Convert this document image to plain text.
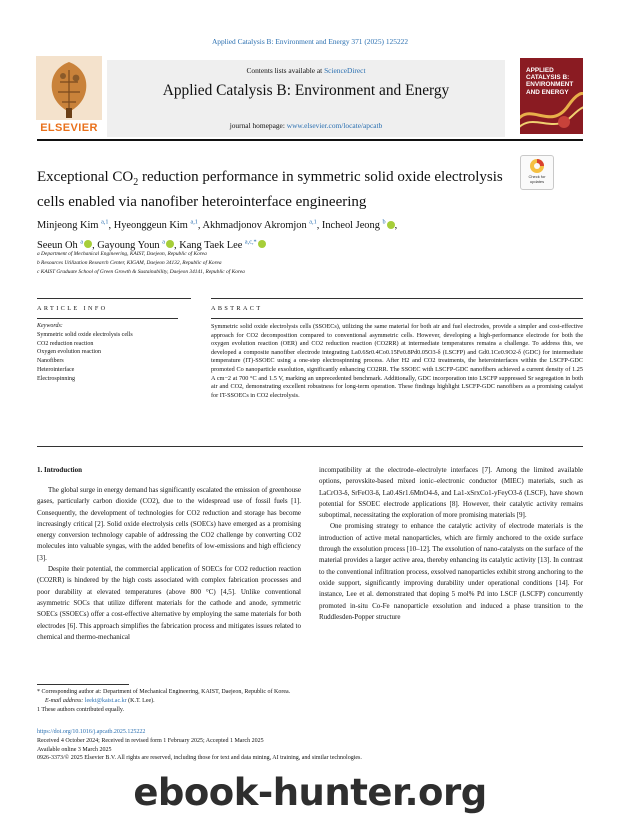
Applied Catalysis B: Environment and Energy 371 (2025) 125222
ELSEVIER
Contents lists available at ScienceDirect
Applied Catalysis B: Environment and Energy
journal homepage: www.elsevier.com/locate/apcatb
APPLIED CATALYSIS B: ENVIRONMENT AND ENERGY
Check for updates
Exceptional $CO_2$ reduction performance in symmetric solid oxide electrolysis cells enabled via nanofiber heterointerface engineering
Minjeong Kim $^{a,1}$, Hyeonggeun Kim $^{a,1}$, Akhmadjonov Akromjon $^{a,1}$, Incheol Jeong $^b$ ,
Seeun Oh $^a$ , Gayoung Youn $^a$ , Kang Taek Lee $^{a,c,*}$
a Department of Mechanical Engineering, KAIST, Daejeon, Republic of Korea
b Resources Utilization Research Center, KIGAM, Daejeon 34132, Republic of Korea
c KAIST Graduate School of Green Growth & Sustainability, Daejeon 34141, Republic of Korea
ARTICLE INFO	ABSTRACT
Keywords:
Symmetric solid oxide electrolysis cells
CO2 reduction reaction
Oxygen evolution reaction
Nanofibers
Heterointerface
Electrospinning
Symmetric solid oxide electrolysis cells (SSOECs), utilizing the same material for both air and fuel electrodes, provide a simpler and cost-effective approach for CO2 decomposition compared to conventional asymmetric cells. However, developing a high-performance electrode for both the oxygen evolution reaction (OER) and CO2 reduction reaction (CO2RR) at intermediate temperatures remains a challenge. To address this, we developed a composite nanofiber electrode integrating La0.6Sr0.4Co0.15Fe0.8Pd0.05O3-δ (LSCFP) and Gd0.1Ce0.9O2-δ (GDC) for intermediate temperature (IT)-SSOEC using a one-step electrospinning process. After H2 and CO2 treatments, the heterointerfaces within the LSCFP-GDC promoted Co nanoparticle exsolution, significantly enhancing CO2RR. The SSOEC with LSCFP-GDC nanofibers achieved a current density of 1.25 A cm−2 at 700 °C and 1.5 V, marking an unprecedented benchmark. Additionally, GDC incorporation into LSCFP suppressed Sr segregation in both air and CO2, demonstrating excellent robustness for long-term operation. These findings highlight LSCFP-GDC nanofibers as a promising catalyst for IT-SSOECs in CO2 electrolysis.
1. Introduction

The global surge in energy demand has significantly escalated the emission of greenhouse gases, particularly carbon dioxide (CO2), due to the widespread use of fossil fuels [1]. Consequently, the development of technologies for CO2 reduction and storage has become increasingly critical [2]. Solid oxide electrolysis cells (SOECs) have emerged as a promising energy conversion technology capable of addressing the CO2 challenge by converting CO2 molecules into valuable syngas, with the added benefits of low-emissions and high efficiency [3].

Despite their potential, the commercial application of SOECs for CO2 reduction reaction (CO2RR) is hindered by the high costs associated with complex fabrication processes and poor durability at elevated temperatures (above 800 °C) [4,5]. Unlike conventional asymmetric SOCs that utilize different materials for the cathode and anode, symmetric SOECs (SSOECs) offer a cost-effective alternative by employing the same materials for both electrodes [6]. This approach simplifies the fabrication process and mitigates issues related to chemical and thermo-mechanical

incompatibility at the electrode–electrolyte interfaces [7]. Among the limited available options, perovskite-based mixed ionic–electronic conductor (MIEC) materials, such as LaCrO3-δ, SrFeO3-δ, La0.4Sr1.6MnO4-δ, and La1-xSrxCo1-yFeyO3-δ (LSCF), have shown potential for SSOEC electrode applications [8]. However, their catalytic activity remains suboptimal, necessitating the exploration of more promising materials [9].

One promising strategy to enhance the catalytic activity of electrode materials is the introduction of active metal nanoparticles, which are firmly anchored to the oxide surface through the exsolution process [10–12]. The exsolution of nano-catalysts on the surface of the material provides a larger active area, thereby enhancing its catalytic activity [13]. In contrast to the conventional infiltration process, exsolved nanoparticles exhibit strong anchoring to the oxide support, significantly improving durability under operational conditions [14]. For instance, Lee et al. demonstrated that doping 5 mol% Pd into LSCF (LSCFP) concurrently promoted in-situ Co-Fe nanoparticle exsolution and induced a phase transition to the Ruddlesden-Popper structure

* Corresponding author at: Department of Mechanical Engineering, KAIST, Daejeon, Republic of Korea.
E-mail address: leekt@kaist.ac.kr (K.T. Lee).
1 These authors contributed equally.
https://doi.org/10.1016/j.apcatb.2025.125222
Received 4 October 2024; Received in revised form 1 February 2025; Accepted 1 March 2025
Available online 3 March 2025
0926-3373/© 2025 Elsevier B.V. All rights are reserved, including those for text and data mining, AI training, and similar technologies.
ebook-hunter.org
